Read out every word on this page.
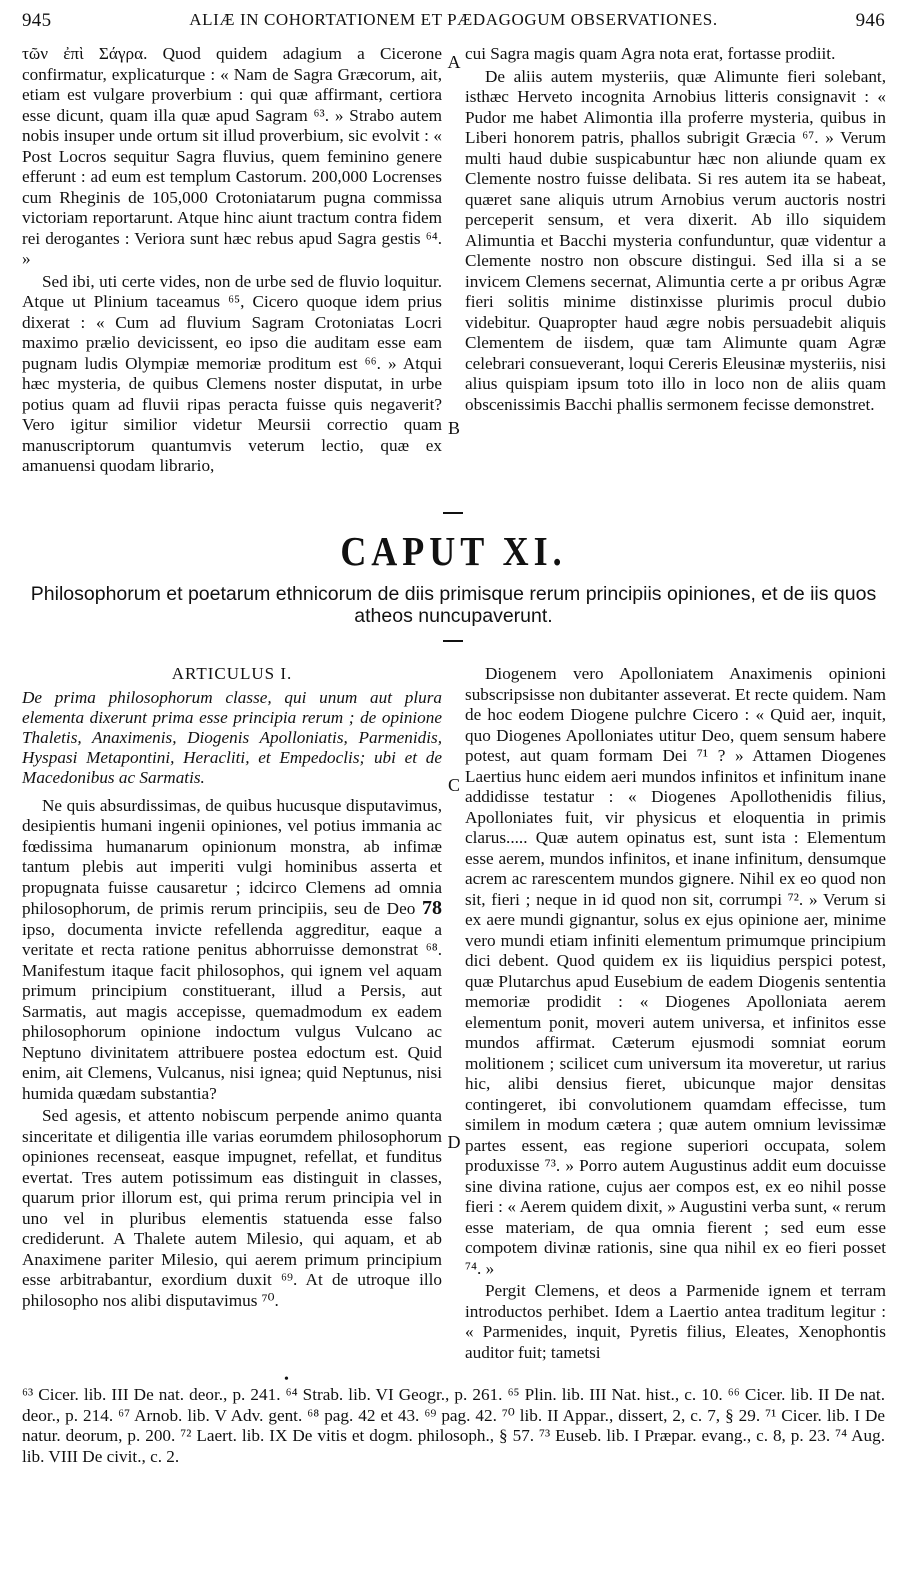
945	ALIÆ IN COHORTATIONEM ET PÆDAGOGUM OBSERVATIONES.	946

τῶν ἐπὶ Σάγρα. Quod quidem adagium a Cicerone confirmatur, explicaturque : « Nam de Sagra Græcorum, ait, etiam est vulgare proverbium : qui quæ affirmant, certiora esse dicunt, quam illa quæ apud Sagram ⁶³. » Strabo autem nobis insuper unde ortum sit illud proverbium, sic evolvit : « Post Locros sequitur Sagra fluvius, quem feminino genere efferunt : ad eum est templum Castorum. 200,000 Locrenses cum Rheginis de 105,000 Crotoniatarum pugna commissa victoriam reportarunt. Atque hinc aiunt tractum contra fidem rei derogantes : Veriora sunt hæc rebus apud Sagra gestis ⁶⁴. »

Sed ibi, uti certe vides, non de urbe sed de fluvio loquitur. Atque ut Plinium taceamus ⁶⁵, Cicero quoque idem prius dixerat : « Cum ad fluvium Sagram Crotoniatas Locri maximo prælio devicissent, eo ipso die auditam esse eam pugnam ludis Olympiæ memoriæ proditum est ⁶⁶. » Atqui hæc mysteria, de quibus Clemens noster disputat, in urbe potius quam ad fluvii ripas peracta fuisse quis negaverit? Vero igitur similior videtur Meursii correctio quam manuscriptorum quantumvis veterum lectio, quæ ex amanuensi quodam librario,

A
B

cui Sagra magis quam Agra nota erat, fortasse prodiit.

De aliis autem mysteriis, quæ Alimunte fieri solebant, isthæc Herveto incognita Arnobius litteris consignavit : « Pudor me habet Alimontia illa proferre mysteria, quibus in Liberi honorem patris, phallos subrigit Græcia ⁶⁷. » Verum multi haud dubie suspicabuntur hæc non aliunde quam ex Clemente nostro fuisse delibata. Si res autem ita se habeat, quæret sane aliquis utrum Arnobius verum auctoris nostri perceperit sensum, et vera dixerit. Ab illo siquidem Alimuntia et Bacchi mysteria confunduntur, quæ videntur a Clemente nostro non obscure distingui. Sed illa si a se invicem Clemens secernat, Alimuntia certe a pr oribus Agræ fieri solitis minime distinxisse plurimis procul dubio videbitur. Quapropter haud ægre nobis persuadebit aliquis Clementem de iisdem, quæ tam Alimunte quam Agræ celebrari consueverant, loqui Cereris Eleusinæ mysteriis, nisi alius quispiam ipsum toto illo in loco non de aliis quam obscenissimis Bacchi phallis sermonem fecisse demonstret.

CAPUT XI.
Philosophorum et poetarum ethnicorum de diis primisque rerum principiis opiniones, et de iis quos atheos nuncupaverunt.

ARTICULUS I.

De prima philosophorum classe, qui unum aut plura elementa dixerunt prima esse principia rerum ; de opinione Thaletis, Anaximenis, Diogenis Apolloniatis, Parmenidis, Hyspasi Metapontini, Heracliti, et Empedoclis; ubi et de Macedonibus ac Sarmatis.

Ne quis absurdissimas, de quibus hucusque disputavimus, desipientis humani ingenii opiniones, vel potius immania ac fœdissima humanarum opinionum monstra, ab infimæ tantum plebis aut imperiti vulgi hominibus asserta et propugnata fuisse causaretur ; idcirco Clemens ad omnia philosophorum, de primis rerum principiis, seu de Deo 78 ipso, documenta invicte refellenda aggreditur, eaque a veritate et recta ratione penitus abhorruisse demonstrat ⁶⁸. Manifestum itaque facit philosophos, qui ignem vel aquam primum principium constituerant, illud a Persis, aut Sarmatis, aut magis accepisse, quemadmodum ex eadem philosophorum opinione indoctum vulgus Vulcano ac Neptuno divinitatem attribuere postea edoctum est. Quid enim, ait Clemens, Vulcanus, nisi ignea; quid Neptunus, nisi humida quædam substantia?

Sed agesis, et attento nobiscum perpende animo quanta sinceritate et diligentia ille varias eorumdem philosophorum opiniones recenseat, easque impugnet, refellat, et funditus evertat. Tres autem potissimum eas distinguit in classes, quarum prior illorum est, qui prima rerum principia vel in uno vel in pluribus elementis statuenda esse falso crediderunt. A Thalete autem Milesio, qui aquam, et ab Anaximene pariter Milesio, qui aerem primum principium esse arbitrabantur, exordium duxit ⁶⁹. At de utroque illo philosopho nos alibi disputavimus ⁷⁰.

C
D

Diogenem vero Apolloniatem Anaximenis opinioni subscripsisse non dubitanter asseverat. Et recte quidem. Nam de hoc eodem Diogene pulchre Cicero : « Quid aer, inquit, quo Diogenes Apolloniates utitur Deo, quem sensum habere potest, aut quam formam Dei ⁷¹ ? » Attamen Diogenes Laertius hunc eidem aeri mundos infinitos et infinitum inane addidisse testatur : « Diogenes Apollothenidis filius, Apolloniates fuit, vir physicus et eloquentia in primis clarus..... Quæ autem opinatus est, sunt ista : Elementum esse aerem, mundos infinitos, et inane infinitum, densumque acrem ac rarescentem mundos gignere. Nihil ex eo quod non sit, fieri ; neque in id quod non sit, corrumpi ⁷². » Verum si ex aere mundi gignantur, solus ex ejus opinione aer, minime vero mundi etiam infiniti elementum primumque principium dici debent. Quod quidem ex iis liquidius perspici potest, quæ Plutarchus apud Eusebium de eadem Diogenis sententia memoriæ prodidit : « Diogenes Apolloniata aerem elementum ponit, moveri autem universa, et infinitos esse mundos affirmat. Cæterum ejusmodi somniat eorum molitionem ; scilicet cum universum ita moveretur, ut rarius hic, alibi densius fieret, ubicunque major densitas contingeret, ibi convolutionem quamdam effecisse, tum similem in modum cætera ; quæ autem omnium levissimæ partes essent, eas regione superiori occupata, solem produxisse ⁷³. » Porro autem Augustinus addit eum docuisse sine divina ratione, cujus aer compos est, ex eo nihil posse fieri : « Aerem quidem dixit, » Augustini verba sunt, « rerum esse materiam, de qua omnia fierent ; sed eum esse compotem divinæ rationis, sine qua nihil ex eo fieri posset ⁷⁴. »

Pergit Clemens, et deos a Parmenide ignem et terram introductos perhibet. Idem a Laertio antea traditum legitur : « Parmenides, inquit, Pyretis filius, Eleates, Xenophontis auditor fuit; tametsi

•

⁶³ Cicer. lib. III De nat. deor., p. 241. ⁶⁴ Strab. lib. VI Geogr., p. 261. ⁶⁵ Plin. lib. III Nat. hist., c. 10. ⁶⁶ Cicer. lib. II De nat. deor., p. 214. ⁶⁷ Arnob. lib. V Adv. gent. ⁶⁸ pag. 42 et 43. ⁶⁹ pag. 42. ⁷⁰ lib. II Appar., dissert, 2, c. 7, § 29. ⁷¹ Cicer. lib. I De natur. deorum, p. 200. ⁷² Laert. lib. IX De vitis et dogm. philosoph., § 57. ⁷³ Euseb. lib. I Præpar. evang., c. 8, p. 23. ⁷⁴ Aug. lib. VIII De civit., c. 2.
